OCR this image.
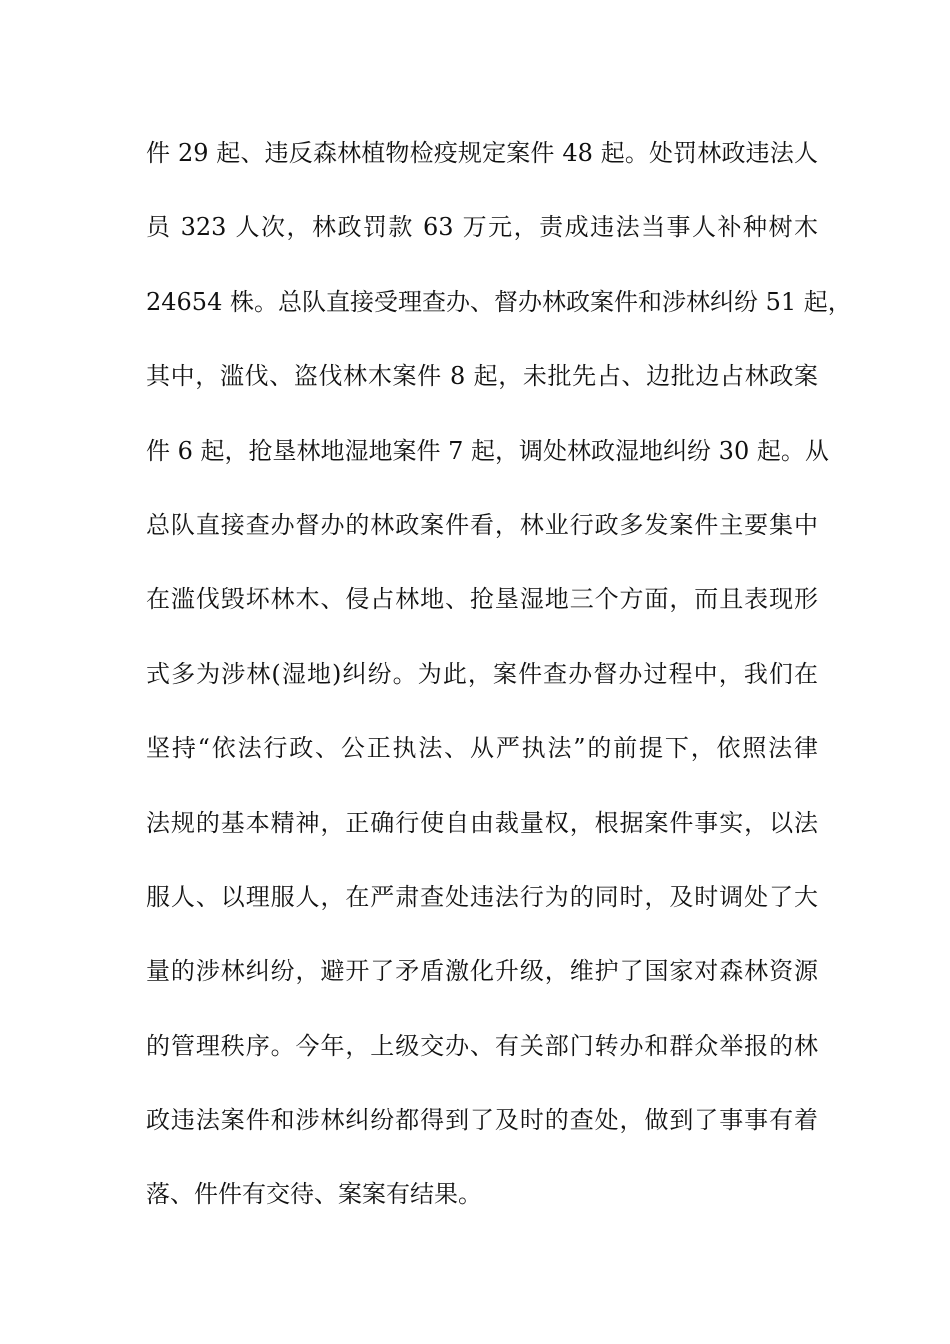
件 29 起、违反森林植物检疫规定案件 48 起。处罚林政违法人
员 323 人次，林政罚款 63 万元，责成违法当事人补种树木
24654 株。总队直接受理查办、督办林政案件和涉林纠纷 51 起，
其中，滥伐、盗伐林木案件 8 起，未批先占、边批边占林政案
件 6 起，抢垦林地湿地案件 7 起，调处林政湿地纠纷 30 起。从
总队直接查办督办的林政案件看，林业行政多发案件主要集中
在滥伐毁坏林木、侵占林地、抢垦湿地三个方面，而且表现形
式多为涉林(湿地)纠纷。为此，案件查办督办过程中，我们在
坚持“依法行政、公正执法、从严执法”的前提下，依照法律
法规的基本精神，正确行使自由裁量权，根据案件事实，以法
服人、以理服人，在严肃查处违法行为的同时，及时调处了大
量的涉林纠纷，避开了矛盾激化升级，维护了国家对森林资源
的管理秩序。今年，上级交办、有关部门转办和群众举报的林
政违法案件和涉林纠纷都得到了及时的查处，做到了事事有着
落、件件有交待、案案有结果。
